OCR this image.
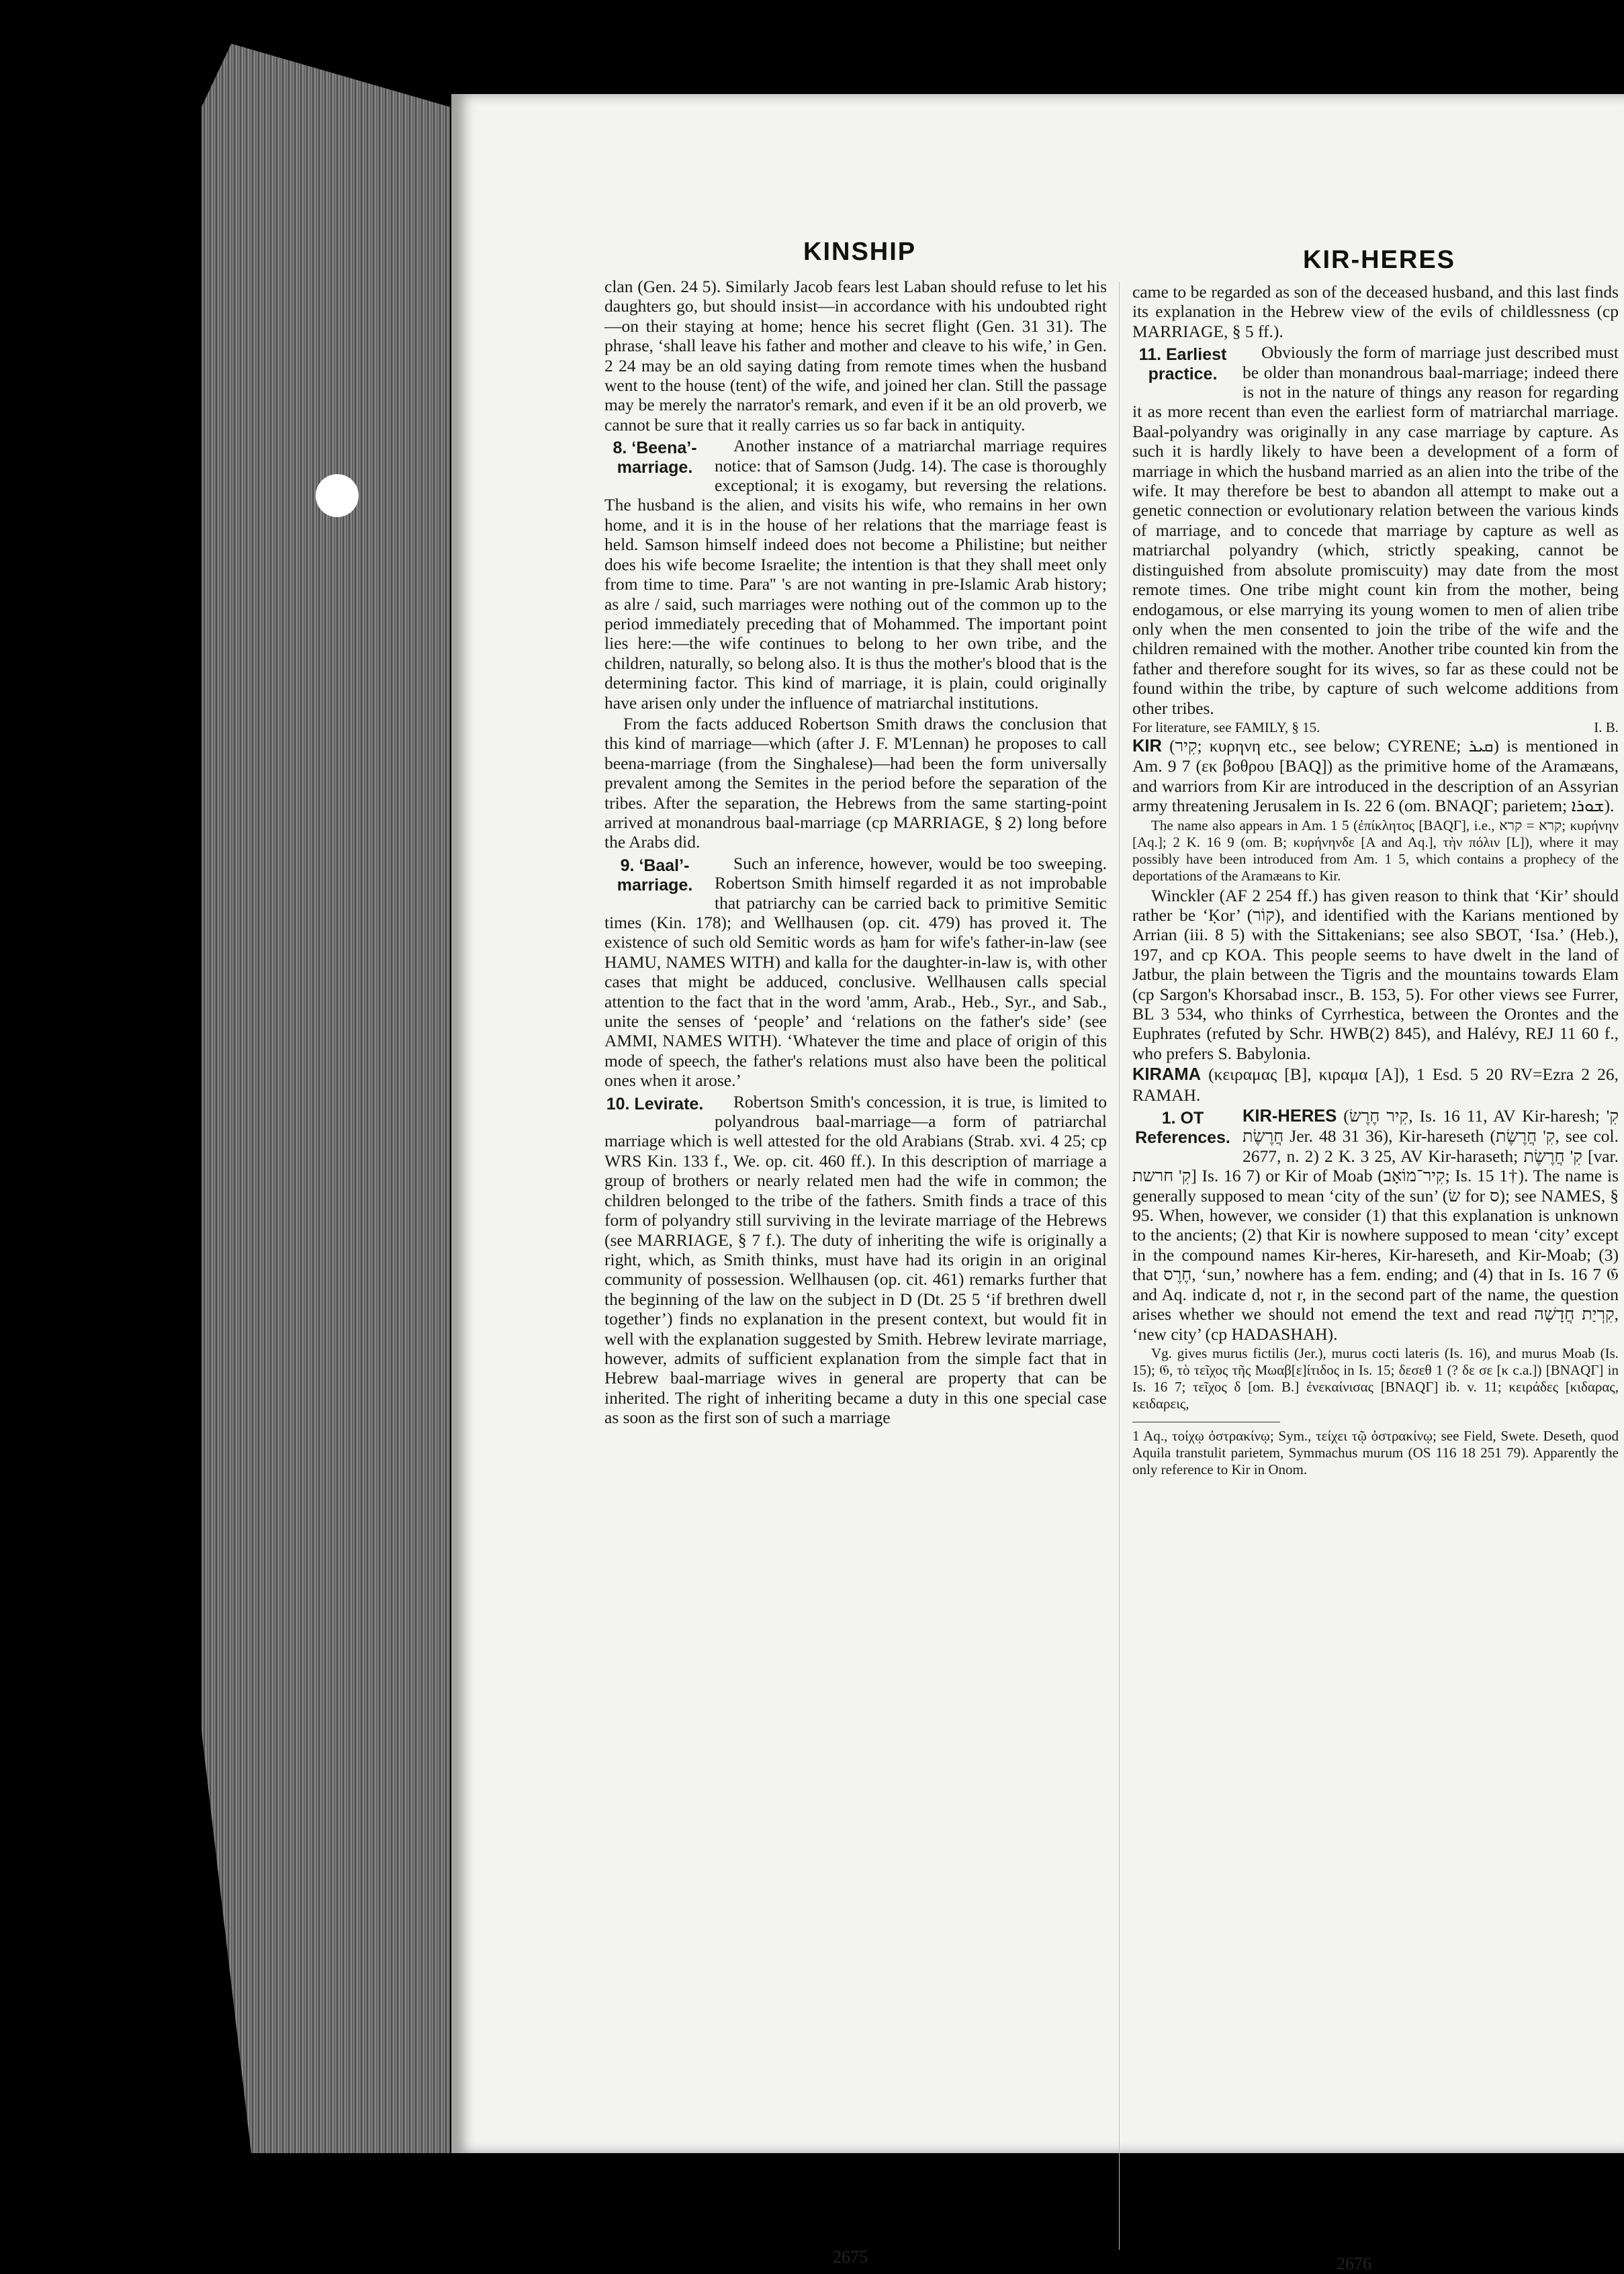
KINSHIP	KIR-HERES

clan (Gen. 24 5). Similarly Jacob fears lest Laban should refuse to let his daughters go, but should insist—in accordance with his undoubted right—on their staying at home; hence his secret flight (Gen. 31 31). The phrase, ‘shall leave his father and mother and cleave to his wife,’ in Gen. 2 24 may be an old saying dating from remote times when the husband went to the house (tent) of the wife, and joined her clan. Still the passage may be merely the narrator's remark, and even if it be an old proverb, we cannot be sure that it really carries us so far back in antiquity.

8. ‘Beena’-marriage.

Another instance of a matriarchal marriage requires notice: that of Samson (Judg. 14). The case is thoroughly exceptional; it is exogamy, but reversing the relations. The husband is the alien, and visits his wife, who remains in her own home, and it is in the house of her relations that the marriage feast is held. Samson himself indeed does not become a Philistine; but neither does his wife become Israelite; the intention is that they shall meet only from time to time. Para'' 's are not wanting in pre-Islamic Arab history; as alre / said, such marriages were nothing out of the common up to the period immediately preceding that of Mohammed. The important point lies here:—the wife continues to belong to her own tribe, and the children, naturally, so belong also. It is thus the mother's blood that is the determining factor. This kind of marriage, it is plain, could originally have arisen only under the influence of matriarchal institutions.

From the facts adduced Robertson Smith draws the conclusion that this kind of marriage—which (after J. F. M'Lennan) he proposes to call beena-marriage (from the Singhalese)—had been the form universally prevalent among the Semites in the period before the separation of the tribes. After the separation, the Hebrews from the same starting-point arrived at monandrous baal-marriage (cp MARRIAGE, § 2) long before the Arabs did.

9. ‘Baal’-marriage.

Such an inference, however, would be too sweeping. Robertson Smith himself regarded it as not improbable that patriarchy can be carried back to primitive Semitic times (Kin. 178); and Wellhausen (op. cit. 479) has proved it. The existence of such old Semitic words as ḥam for wife's father-in-law (see HAMU, NAMES WITH) and kalla for the daughter-in-law is, with other cases that might be adduced, conclusive. Wellhausen calls special attention to the fact that in the word 'amm, Arab., Heb., Syr., and Sab., unite the senses of ‘people’ and ‘relations on the father's side’ (see AMMI, NAMES WITH). ‘Whatever the time and place of origin of this mode of speech, the father's relations must also have been the political ones when it arose.’

10. Levirate.	Robertson Smith's concession, it is true, is limited to polyandrous baal-marriage—a form of patriarchal marriage which is well attested for the old Arabians (Strab. xvi. 4 25; cp WRS Kin. 133 f., We. op. cit. 460 ff.). In this description of marriage a group of brothers or nearly related men had the wife in common; the children belonged to the tribe of the fathers. Smith finds a trace of this form of polyandry still surviving in the levirate marriage of the Hebrews (see MARRIAGE, § 7 f.). The duty of inheriting the wife is originally a right, which, as Smith thinks, must have had its origin in an original community of possession. Wellhausen (op. cit. 461) remarks further that the beginning of the law on the subject in D (Dt. 25 5 ‘if brethren dwell together’) finds no explanation in the present context, but would fit in well with the explanation suggested by Smith. Hebrew levirate marriage, however, admits of sufficient explanation from the simple fact that in Hebrew baal-marriage wives in general are property that can be inherited. The right of inheriting became a duty in this one special case as soon as the first son of such a marriage

came to be regarded as son of the deceased husband, and this last finds its explanation in the Hebrew view of the evils of childlessness (cp MARRIAGE, § 5 ff.).

11. Earliest practice.

Obviously the form of marriage just described must be older than monandrous baal-marriage; indeed there is not in the nature of things any reason for regarding it as more recent than even the earliest form of matriarchal marriage. Baal-polyandry was originally in any case marriage by capture. As such it is hardly likely to have been a development of a form of marriage in which the husband married as an alien into the tribe of the wife. It may therefore be best to abandon all attempt to make out a genetic connection or evolutionary relation between the various kinds of marriage, and to concede that marriage by capture as well as matriarchal polyandry (which, strictly speaking, cannot be distinguished from absolute promiscuity) may date from the most remote times. One tribe might count kin from the mother, being endogamous, or else marrying its young women to men of alien tribe only when the men consented to join the tribe of the wife and the children remained with the mother. Another tribe counted kin from the father and therefore sought for its wives, so far as these could not be found within the tribe, by capture of such welcome additions from other tribes.

For literature, see FAMILY, § 15.	I. B.

KIR (קִיר; κυρηνη etc., see below; CYRENE; ܩܝܪ) is mentioned in Am. 9 7 (εκ βοθρου [BAQ]) as the primitive home of the Aramæans, and warriors from Kir are introduced in the description of an Assyrian army threatening Jerusalem in Is. 22 6 (om. BNAQΓ; parietem; ܫܘܪܐ).

The name also appears in Am. 1 5 (ἐπίκλητος [BAQΓ], i.e., קרא = קרא; κυρήνην [Aq.]; 2 K. 16 9 (om. B; κυρήνηνδε [A and Aq.], τὴν πόλιν [L]), where it may possibly have been introduced from Am. 1 5, which contains a prophecy of the deportations of the Aramæans to Kir.

Winckler (AF 2 254 ff.) has given reason to think that ‘Kir’ should rather be ‘Ḳor’ (קוֹר), and identified with the Karians mentioned by Arrian (iii. 8 5) with the Sittakenians; see also SBOT, ‘Isa.’ (Heb.), 197, and cp KOA. This people seems to have dwelt in the land of Jatbur, the plain between the Tigris and the mountains towards Elam (cp Sargon's Khorsabad inscr., B. 153, 5). For other views see Furrer, BL 3 534, who thinks of Cyrrhestica, between the Orontes and the Euphrates (refuted by Schr. HWB(2) 845), and Halévy, REJ 11 60 f., who prefers S. Babylonia.

KIRAMA (κειραμας [B], κιραμα [A]), 1 Esd. 5 20 RV=Ezra 2 26, RAMAH.

1. OT References.

KIR-HERES (קִיר חֶרֶשׂ, Is. 16 11, AV Kir-haresh; קִ' חֲרֶשֶׂת Jer. 48 31 36), Kir-hareseth (קִ' חֲרֶשֶׂת, see col. 2677, n. 2) 2 K. 3 25, AV Kir-haraseth; קִ' חֲרֶשֶׂת [var. קִ' חרשת] Is. 16 7) or Kir of Moab (קִיר־מוֹאָב; Is. 15 1†). The name is generally supposed to mean ‘city of the sun’ (שׂ for ס); see NAMES, § 95. When, however, we consider (1) that this explanation is unknown to the ancients; (2) that Kir is nowhere supposed to mean ‘city’ except in the compound names Kir-heres, Kir-hareseth, and Kir-Moab; (3) that חֶרֶס, ‘sun,’ nowhere has a fem. ending; and (4) that in Is. 16 7 𝔊 and Aq. indicate d, not r, in the second part of the name, the question arises whether we should not emend the text and read קִרְיַת חֲדָשָׁה, ‘new city’ (cp HADASHAH).

Vg. gives murus fictilis (Jer.), murus cocti lateris (Is. 16), and murus Moab (Is. 15); 𝔊, τὸ τεῖχος τῆς Μωαβ[ε]ίτιδος in Is. 15; δεσεθ 1 (? δε σε [κ c.a.]) [BNAQΓ] in Is. 16 7; τεῖχος δ [om. B.] ἐνεκαίνισας [BNAQΓ] ib. v. 11; κειράδες [κιδαρας, κειδαρεις,

1 Aq., τοίχῳ ὀστρακίνῳ; Sym., τείχει τῷ ὀστρακίνῳ; see Field, Swete. Deseth, quod Aquila transtulit parietem, Symmachus murum (OS 116 18 251 79). Apparently the only reference to Kir in Onom.

2675	2676
